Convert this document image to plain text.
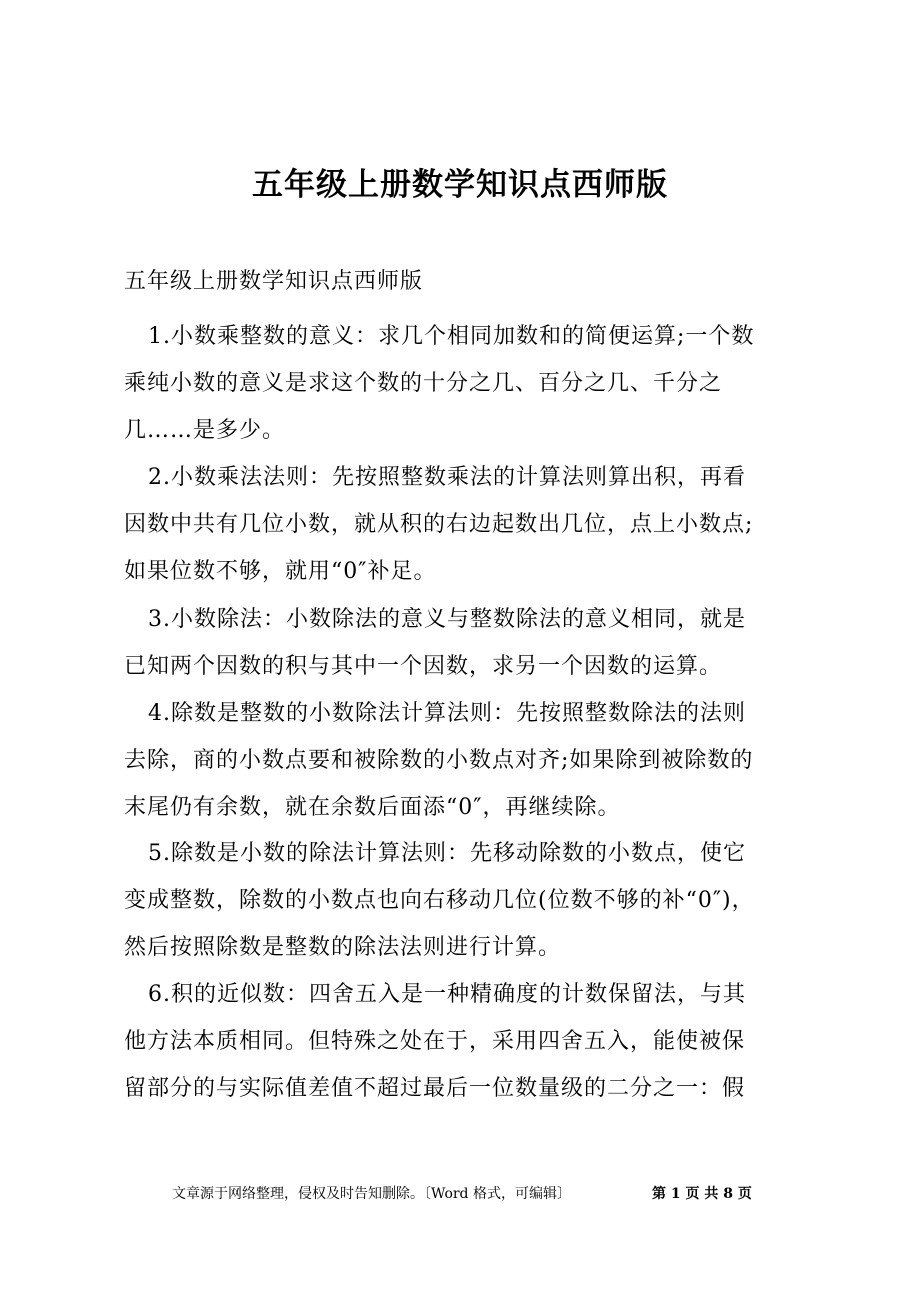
五年级上册数学知识点西师版
五年级上册数学知识点西师版
1.小数乘整数的意义：求几个相同加数和的简便运算;一个数
乘纯小数的意义是求这个数的十分之几、百分之几、千分之
几……是多少。
2.小数乘法法则：先按照整数乘法的计算法则算出积，再看
因数中共有几位小数，就从积的右边起数出几位，点上小数点;
如果位数不够，就用“0″补足。
3.小数除法：小数除法的意义与整数除法的意义相同，就是
已知两个因数的积与其中一个因数，求另一个因数的运算。
4.除数是整数的小数除法计算法则：先按照整数除法的法则
去除，商的小数点要和被除数的小数点对齐;如果除到被除数的
末尾仍有余数，就在余数后面添“0″，再继续除。
5.除数是小数的除法计算法则：先移动除数的小数点，使它
变成整数，除数的小数点也向右移动几位(位数不够的补“0″)，
然后按照除数是整数的除法法则进行计算。
6.积的近似数：四舍五入是一种精确度的计数保留法，与其
他方法本质相同。但特殊之处在于，采用四舍五入，能使被保
留部分的与实际值差值不超过最后一位数量级的二分之一：假
文章源于网络整理，侵权及时告知删除。〔Word 格式，可编辑〕	第 1 页 共 8 页
